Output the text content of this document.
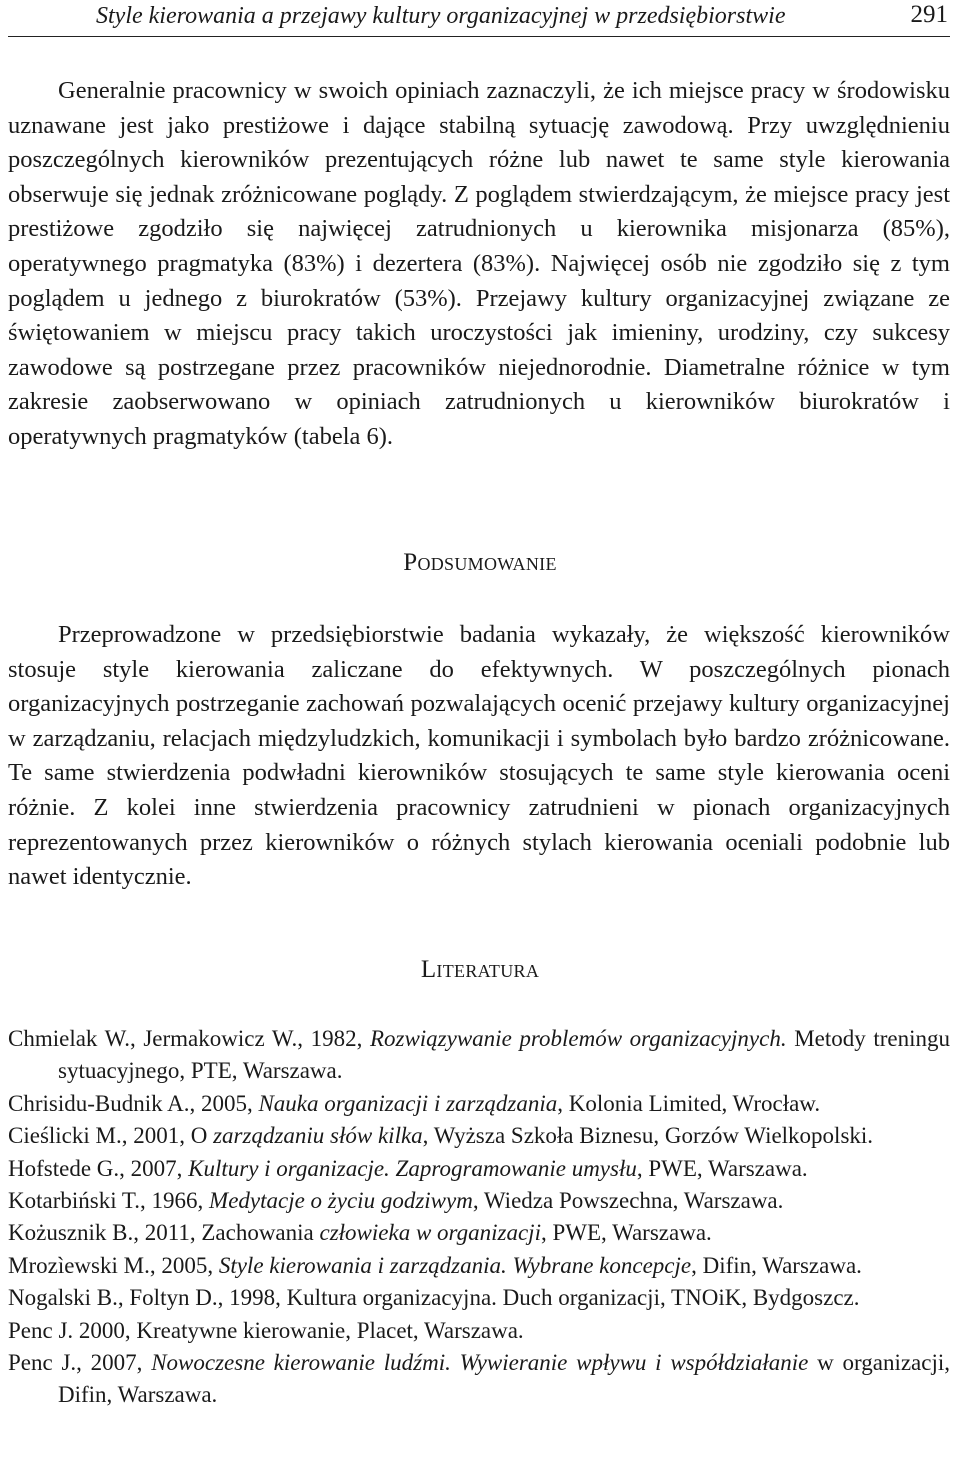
Style kierowania a przejawy kultury organizacyjnej w przedsiębiorstwie	291

Generalnie pracownicy w swoich opiniach zaznaczyli, że ich miejsce pracy w środowisku uznawane jest jako prestiżowe i dające stabilną sytuację zawodową. Przy uwzględnieniu poszczególnych kierowników prezentujących różne lub nawet te same style kierowania obserwuje się jednak zróżnicowane poglądy. Z poglądem stwierdzającym, że miejsce pracy jest prestiżowe zgodziło się najwięcej zatrudnionych u kierownika misjonarza (85%), operatywnego pragmatyka (83%) i dezertera (83%). Najwięcej osób nie zgodziło się z tym poglądem u jednego z biurokratów (53%). Przejawy kultury organizacyjnej związane ze świętowaniem w miejscu pracy takich uroczystości jak imieniny, urodziny, czy sukcesy zawodowe są postrzegane przez pracowników niejednorodnie. Diametralne różnice w tym zakresie zaobserwowano w opiniach zatrudnionych u kierowników biurokratów i operatywnych pragmatyków (tabela 6).

Podsumowanie

Przeprowadzone w przedsiębiorstwie badania wykazały, że większość kierowników stosuje style kierowania zaliczane do efektywnych. W poszczególnych pionach organizacyjnych postrzeganie zachowań pozwalających ocenić przejawy kultury organizacyjnej w zarządzaniu, relacjach międzyludzkich, komunikacji i symbolach było bardzo zróżnicowane. Te same stwierdzenia podwładni kierowników stosujących te same style kierowania oceni różnie. Z kolei inne stwierdzenia pracownicy zatrudnieni w pionach organizacyjnych reprezentowanych przez kierowników o różnych stylach kierowania oceniali podobnie lub nawet identycznie.

Literatura

Chmielak W., Jermakowicz W., 1982, Rozwiązywanie problemów organizacyjnych. Metody treningu sytuacyjnego, PTE, Warszawa.

Chrisidu-Budnik A., 2005, Nauka organizacji i zarządzania, Kolonia Limited, Wrocław.

Cieślicki M., 2001, O zarządzaniu słów kilka, Wyższa Szkoła Biznesu, Gorzów Wielkopolski.

Hofstede G., 2007, Kultury i organizacje. Zaprogramowanie umysłu, PWE, Warszawa.

Kotarbiński T., 1966, Medytacje o życiu godziwym, Wiedza Powszechna, Warszawa.

Kożusznik B., 2011, Zachowania człowieka w organizacji, PWE, Warszawa.

Mrozìewski M., 2005, Style kierowania i zarządzania. Wybrane koncepcje, Difin, Warszawa.

Nogalski B., Foltyn D., 1998, Kultura organizacyjna. Duch organizacji, TNOiK, Bydgoszcz.

Penc J. 2000, Kreatywne kierowanie, Placet, Warszawa.

Penc J., 2007, Nowoczesne kierowanie ludźmi. Wywieranie wpływu i współdziałanie w organizacji, Difin, Warszawa.
